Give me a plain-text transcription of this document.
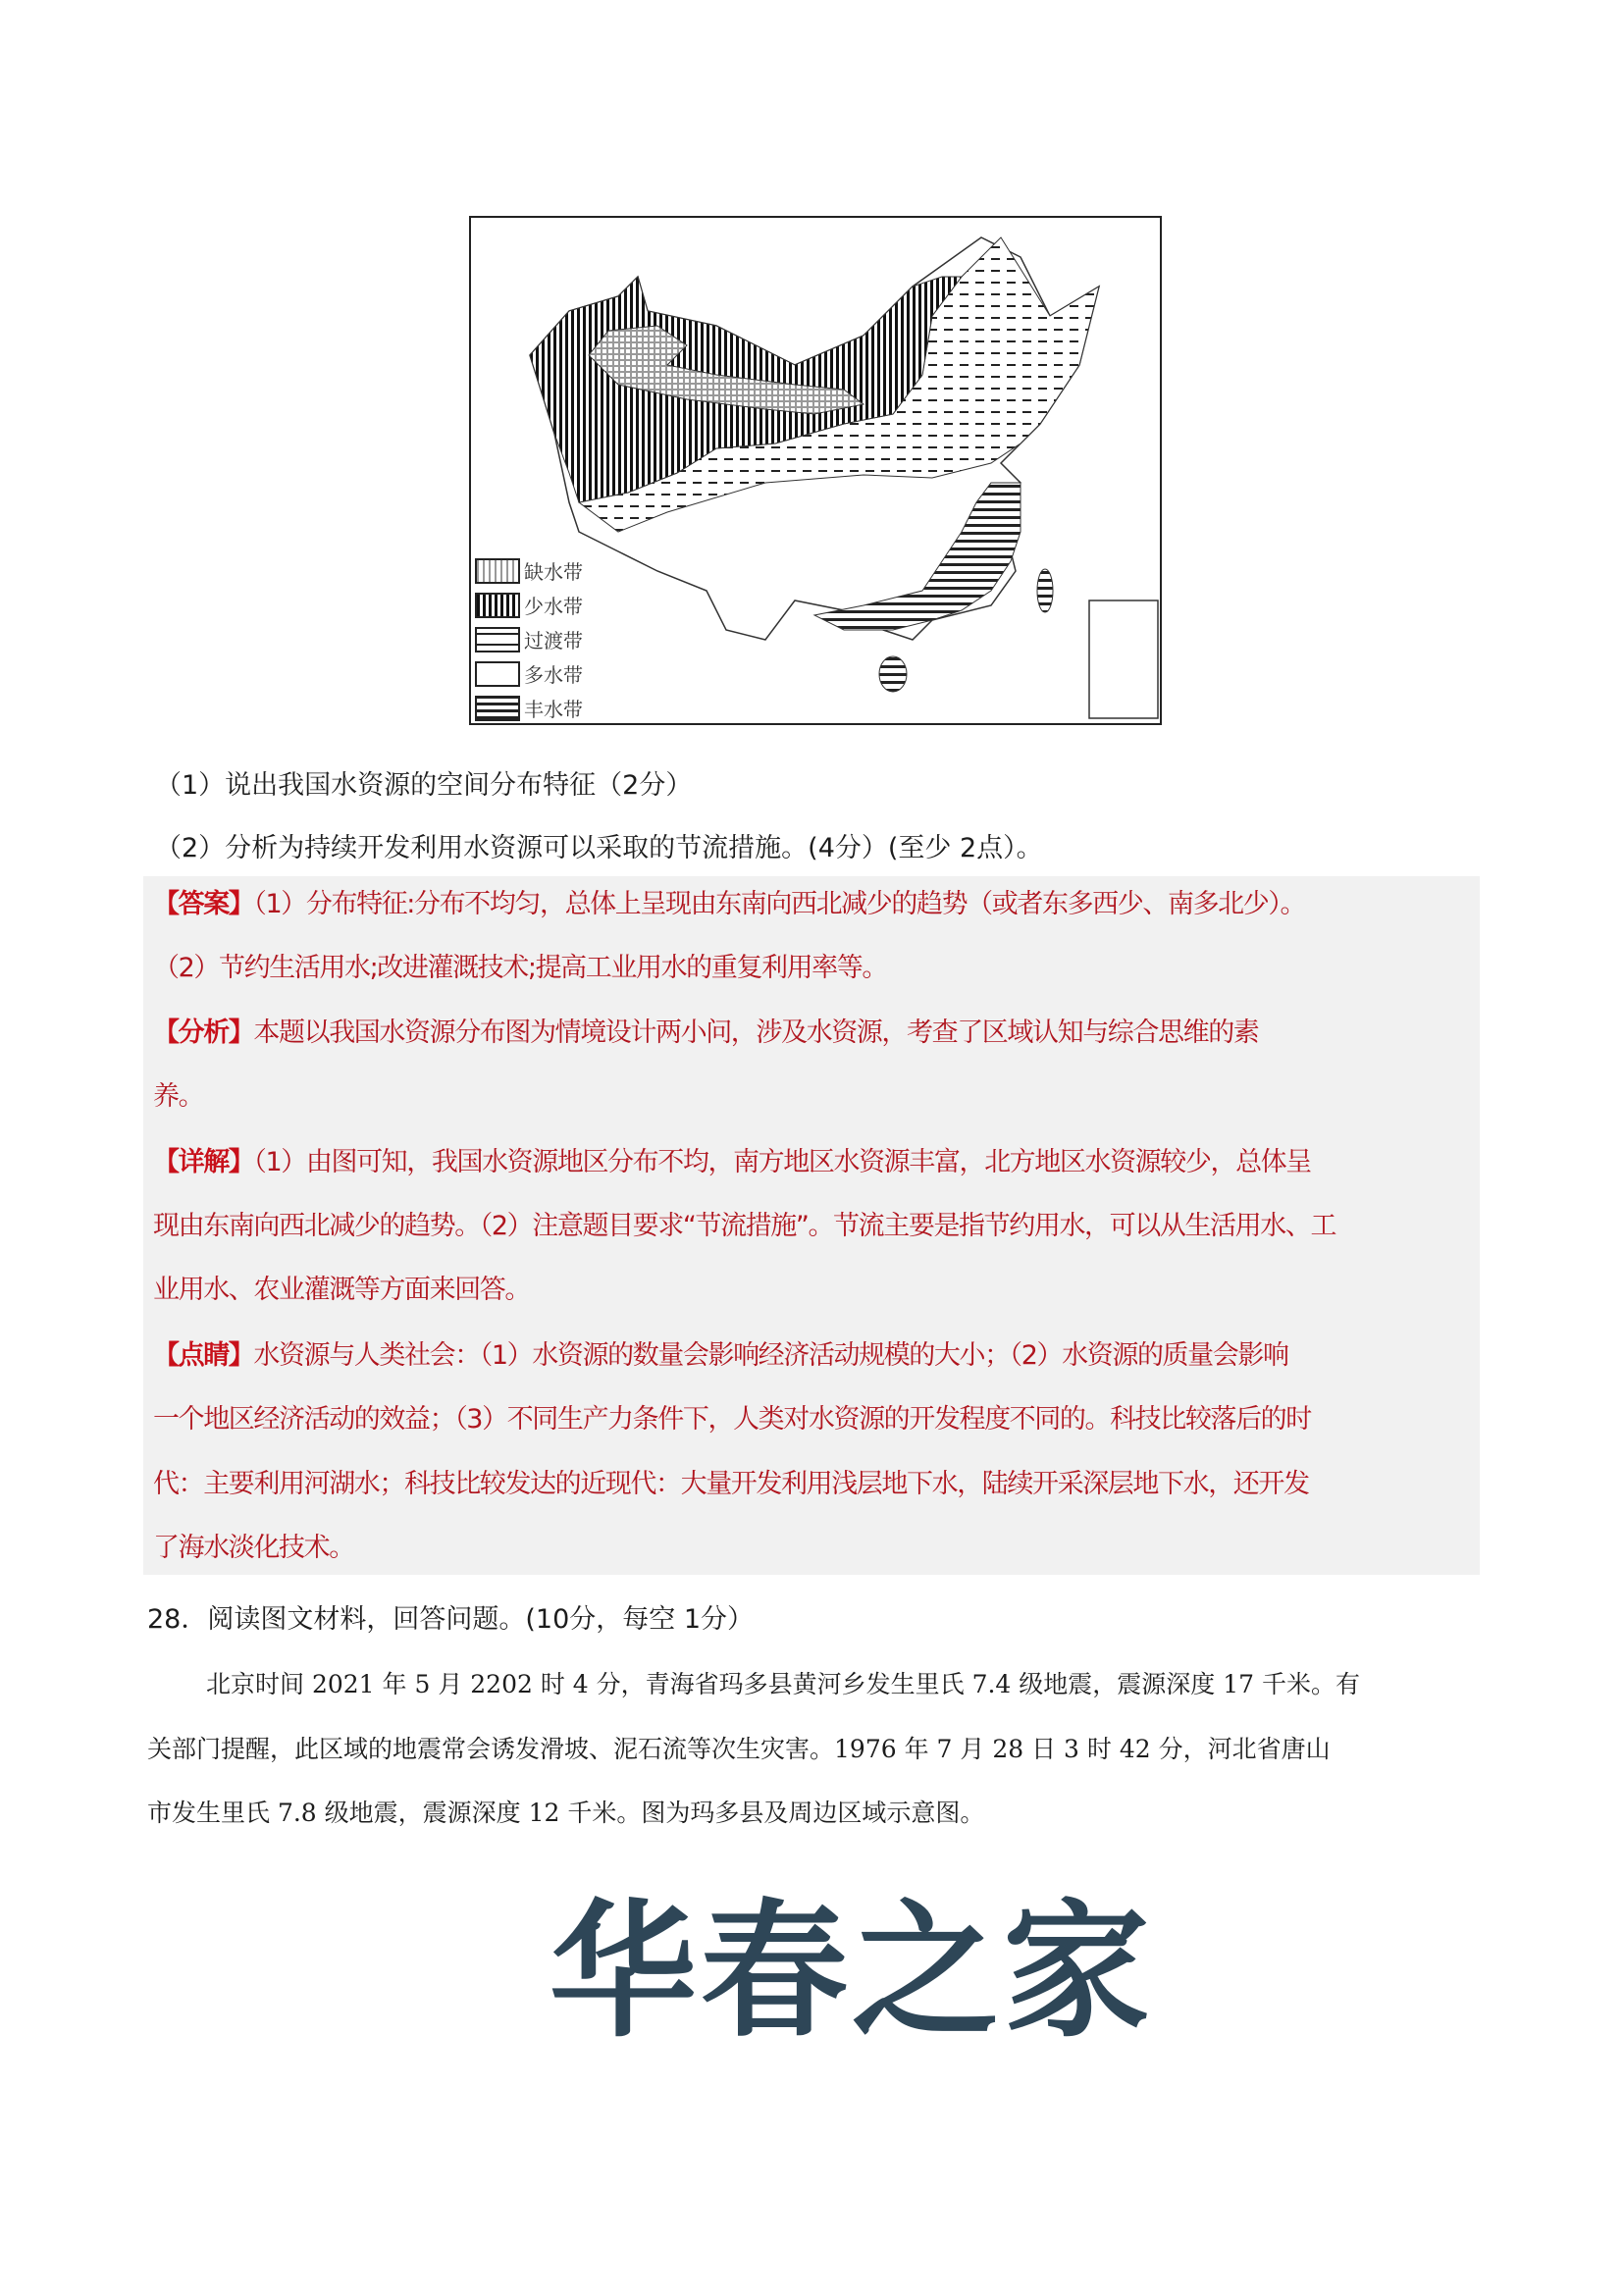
缺水带
少水带
过渡带
多水带
丰水带
（1）说出我国水资源的空间分布特征（2分）
（2）分析为持续开发利用水资源可以采取的节流措施。(4分）(至少 2点）。
【答案】（1）分布特征:分布不均匀，总体上呈现由东南向西北减少的趋势（或者东多西少、南多北少）。
（2）节约生活用水;改进灌溉技术;提高工业用水的重复利用率等。
【分析】本题以我国水资源分布图为情境设计两小问，涉及水资源，考查了区域认知与综合思维的素
养。
【详解】（1）由图可知，我国水资源地区分布不均，南方地区水资源丰富，北方地区水资源较少，总体呈
现由东南向西北减少的趋势。（2）注意题目要求“节流措施”。节流主要是指节约用水，可以从生活用水、工
业用水、农业灌溉等方面来回答。
【点睛】水资源与人类社会：（1）水资源的数量会影响经济活动规模的大小；（2）水资源的质量会影响
一个地区经济活动的效益；（3）不同生产力条件下，人类对水资源的开发程度不同的。科技比较落后的时
代：主要利用河湖水；科技比较发达的近现代：大量开发利用浅层地下水，陆续开采深层地下水，还开发
了海水淡化技术。
28．阅读图文材料，回答问题。(10分，每空 1分）
北京时间 2021 年 5 月 2202 时 4 分，青海省玛多县黄河乡发生里氏 7.4 级地震，震源深度 17 千米。有
关部门提醒，此区域的地震常会诱发滑坡、泥石流等次生灾害。1976 年 7 月 28 日 3 时 42 分，河北省唐山
市发生里氏 7.8 级地震，震源深度 12 千米。图为玛多县及周边区域示意图。
华春之家
